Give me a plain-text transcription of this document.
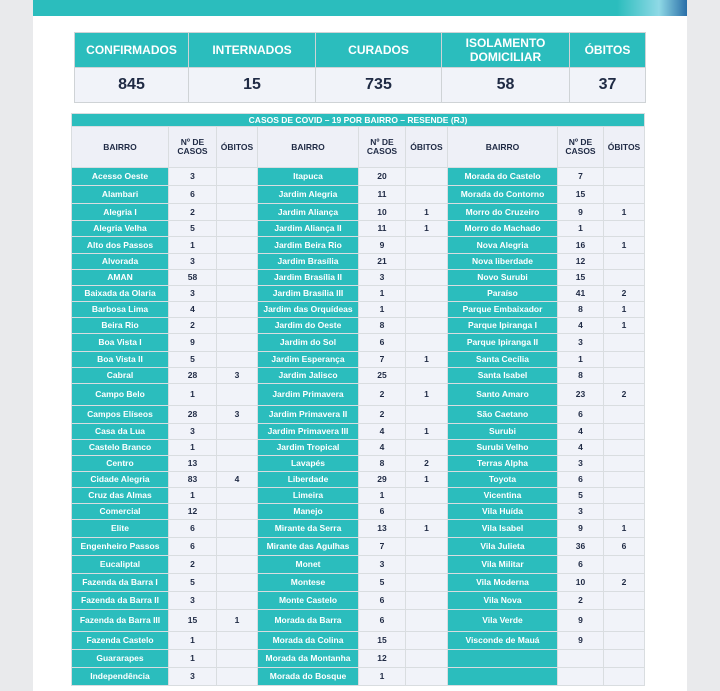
CONFIRMADOS	INTERNADOS	CURADOS	ISOLAMENTO DOMICILIAR	ÓBITOS
845	15	735	58	37
CASOS DE COVID – 19 POR BAIRRO – RESENDE (RJ)								
BAIRRO	Nº DE CASOS	ÓBITOS	BAIRRO	Nº DE CASOS	ÓBITOS	BAIRRO	Nº DE CASOS	ÓBITOS
Acesso Oeste	3		Itapuca	20		Morada do Castelo	7	
Alambari	6		Jardim Alegria	11		Morada do Contorno	15	
Alegria I	2		Jardim Aliança	10	1	Morro do Cruzeiro	9	1
Alegria Velha	5		Jardim Aliança II	11	1	Morro do Machado	1	
Alto dos Passos	1		Jardim Beira Rio	9		Nova Alegria	16	1
Alvorada	3		Jardim Brasília	21		Nova liberdade	12	
AMAN	58		Jardim Brasília II	3		Novo Surubi	15	
Baixada da Olaria	3		Jardim Brasília III	1		Paraíso	41	2
Barbosa Lima	4		Jardim das Orquídeas	1		Parque Embaixador	8	1
Beira Rio	2		Jardim do Oeste	8		Parque Ipiranga I	4	1
Boa Vista I	9		Jardim do Sol	6		Parque Ipiranga II	3	
Boa Vista II	5		Jardim Esperança	7	1	Santa Cecília	1	
Cabral	28	3	Jardim Jalisco	25		Santa Isabel	8	
Campo Belo	1		Jardim Primavera	2	1	Santo Amaro	23	2
Campos Elíseos	28	3	Jardim Primavera II	2		São Caetano	6	
Casa da Lua	3		Jardim Primavera III	4	1	Surubi	4	
Castelo Branco	1		Jardim Tropical	4		Surubi Velho	4	
Centro	13		Lavapés	8	2	Terras Alpha	3	
Cidade Alegria	83	4	Liberdade	29	1	Toyota	6	
Cruz das Almas	1		Limeira	1		Vicentina	5	
Comercial	12		Manejo	6		Vila Huída	3	
Elite	6		Mirante da Serra	13	1	Vila Isabel	9	1
Engenheiro Passos	6		Mirante das Agulhas	7		Vila Julieta	36	6
Eucaliptal	2		Monet	3		Vila Militar	6	
Fazenda da Barra I	5		Montese	5		Vila Moderna	10	2
Fazenda da Barra II	3		Monte Castelo	6		Vila Nova	2	
Fazenda da Barra III	15	1	Morada da Barra	6		Vila Verde	9	
Fazenda Castelo	1		Morada da Colina	15		Visconde de Mauá	9	
Guararapes	1		Morada da Montanha	12				
Independência	3		Morada do Bosque	1				
